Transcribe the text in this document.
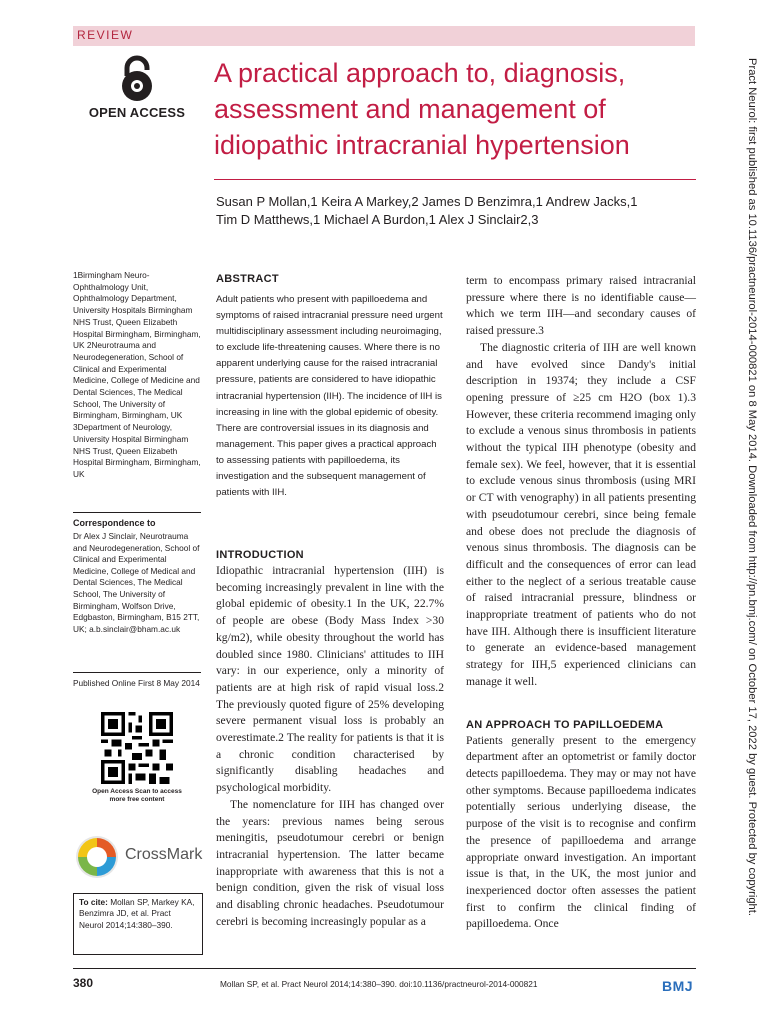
REVIEW
OPEN ACCESS
A practical approach to, diagnosis, assessment and management of idiopathic intracranial hypertension
Susan P Mollan,1 Keira A Markey,2 James D Benzimra,1 Andrew Jacks,1
Tim D Matthews,1 Michael A Burdon,1 Alex J Sinclair2,3
1Birmingham Neuro-Ophthalmology Unit, Ophthalmology Department, University Hospitals Birmingham NHS Trust, Queen Elizabeth Hospital Birmingham, Birmingham, UK 2Neurotrauma and Neurodegeneration, School of Clinical and Experimental Medicine, College of Medicine and Dental Sciences, The Medical School, The University of Birmingham, Birmingham, UK 3Department of Neurology, University Hospital Birmingham NHS Trust, Queen Elizabeth Hospital Birmingham, Birmingham, UK
Correspondence to
Dr Alex J Sinclair, Neurotrauma and Neurodegeneration, School of Clinical and Experimental Medicine, College of Medical and Dental Sciences, The Medical School, The University of Birmingham, Wolfson Drive, Edgbaston, Birmingham, B15 2TT, UK; a.b.sinclair@bham.ac.uk
Published Online First 8 May 2014
Open Access Scan to access more free content
CrossMark
To cite: Mollan SP, Markey KA, Benzimra JD, et al. Pract Neurol 2014;14:380–390.
ABSTRACT
Adult patients who present with papilloedema and symptoms of raised intracranial pressure need urgent multidisciplinary assessment including neuroimaging, to exclude life-threatening causes. Where there is no apparent underlying cause for the raised intracranial pressure, patients are considered to have idiopathic intracranial hypertension (IIH). The incidence of IIH is increasing in line with the global epidemic of obesity. There are controversial issues in its diagnosis and management. This paper gives a practical approach to assessing patients with papilloedema, its investigation and the subsequent management of patients with IIH.
INTRODUCTION

Idiopathic intracranial hypertension (IIH) is becoming increasingly prevalent in line with the global epidemic of obesity.1 In the UK, 22.7% of people are obese (Body Mass Index >30 kg/m2), while obesity throughout the world has doubled since 1980. Clinicians' attitudes to IIH vary: in our experience, only a minority of patients are at high risk of rapid visual loss.2 The previously quoted figure of 25% developing severe permanent visual loss is probably an overestimate.2 The reality for patients is that it is a chronic condition characterised by significantly disabling headaches and psychological morbidity.

The nomenclature for IIH has changed over the years: previous names being serous meningitis, pseudotumour cerebri or benign intracranial hypertension. The latter became inappropriate with awareness that this is not a benign condition, given the risk of visual loss and disabling chronic headaches. Pseudotumour cerebri is becoming increasingly popular as a

term to encompass primary raised intracranial pressure where there is no identifiable cause—which we term IIH—and secondary causes of raised pressure.3

The diagnostic criteria of IIH are well known and have evolved since Dandy's initial description in 19374; they include a CSF opening pressure of ≥25 cm H2O (box 1).3 However, these criteria recommend imaging only to exclude a venous sinus thrombosis in patients without the typical IIH phenotype (obesity and female sex). We feel, however, that it is essential to exclude venous sinus thrombosis (using MRI or CT with venography) in all patients presenting with pseudotumour cerebri, since being female and obese does not preclude the diagnosis of venous sinus thrombosis. The diagnosis can be difficult and the consequences of error can lead either to the neglect of a serious treatable cause of raised intracranial pressure, blindness or inappropriate treatment of patients who do not have IIH. Although there is insufficient literature to generate an evidence-based management strategy for IIH,5 experienced clinicians can manage it well.

AN APPROACH TO PAPILLOEDEMA

Patients generally present to the emergency department after an optometrist or family doctor detects papilloedema. They may or may not have other symptoms. Because papilloedema indicates potentially serious underlying disease, the purpose of the visit is to recognise and confirm the presence of papilloedema and arrange appropriate onward investigation. An important issue is that, in the UK, the most junior and inexperienced doctor often assesses the patient first to confirm the clinical finding of papilloedema. Once

380	Mollan SP, et al. Pract Neurol 2014;14:380–390. doi:10.1136/practneurol-2014-000821	BMJ
Pract Neurol: first published as 10.1136/practneurol-2014-000821 on 8 May 2014. Downloaded from http://pn.bmj.com/ on October 17, 2022 by guest. Protected by copyright.
